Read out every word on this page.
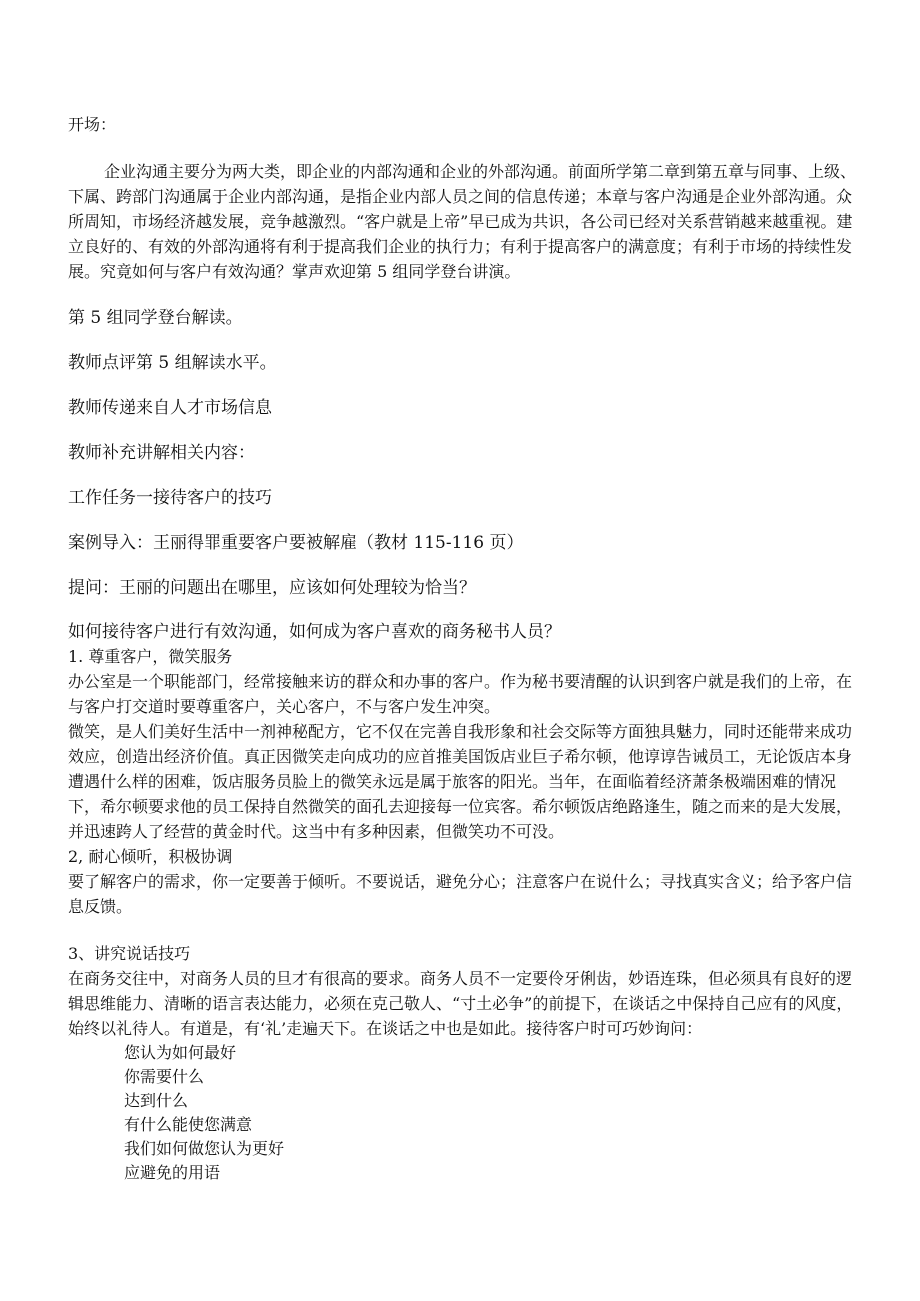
开场：

企业沟通主要分为两大类，即企业的内部沟通和企业的外部沟通。前面所学第二章到第五章与同事、上级、下属、跨部门沟通属于企业内部沟通，是指企业内部人员之间的信息传递；本章与客户沟通是企业外部沟通。众所周知，市场经济越发展，竞争越激烈。“客户就是上帝”早已成为共识，各公司已经对关系营销越来越重视。建立良好的、有效的外部沟通将有利于提高我们企业的执行力；有利于提高客户的满意度；有利于市场的持续性发展。究竟如何与客户有效沟通？掌声欢迎第 5 组同学登台讲演。

第 5 组同学登台解读。

教师点评第 5 组解读水平。

教师传递来自人才市场信息

教师补充讲解相关内容：

工作任务一接待客户的技巧

案例导入：王丽得罪重要客户要被解雇（教材 115-116 页）

提问：王丽的问题出在哪里，应该如何处理较为恰当？

如何接待客户进行有效沟通，如何成为客户喜欢的商务秘书人员？

1. 尊重客户，微笑服务

办公室是一个职能部门，经常接触来访的群众和办事的客户。作为秘书要清醒的认识到客户就是我们的上帝，在与客户打交道时要尊重客户，关心客户，不与客户发生冲突。

微笑，是人们美好生活中一剂神秘配方，它不仅在完善自我形象和社会交际等方面独具魅力，同时还能带来成功效应，创造出经济价值。真正因微笑走向成功的应首推美国饭店业巨子希尔顿，他谆谆告诫员工，无论饭店本身遭遇什么样的困难，饭店服务员脸上的微笑永远是属于旅客的阳光。当年，在面临着经济萧条极端困难的情况下，希尔顿要求他的员工保持自然微笑的面孔去迎接每一位宾客。希尔顿饭店绝路逢生，随之而来的是大发展，并迅速跨人了经营的黄金时代。这当中有多种因素，但微笑功不可没。

2, 耐心倾听，积极协调

要了解客户的需求，你一定要善于倾听。不要说话，避免分心；注意客户在说什么；寻找真实含义；给予客户信息反馈。

3、讲究说话技巧

在商务交往中，对商务人员的旦才有很高的要求。商务人员不一定要伶牙俐齿，妙语连珠，但必须具有良好的逻辑思维能力、清晰的语言表达能力，必须在克己敬人、“寸土必争”的前提下，在谈话之中保持自己应有的风度，始终以礼待人。有道是，有‘礼’走遍天下。在谈话之中也是如此。接待客户时可巧妙询问：

您认为如何最好
你需要什么
达到什么
有什么能使您满意
我们如何做您认为更好
应避免的用语
